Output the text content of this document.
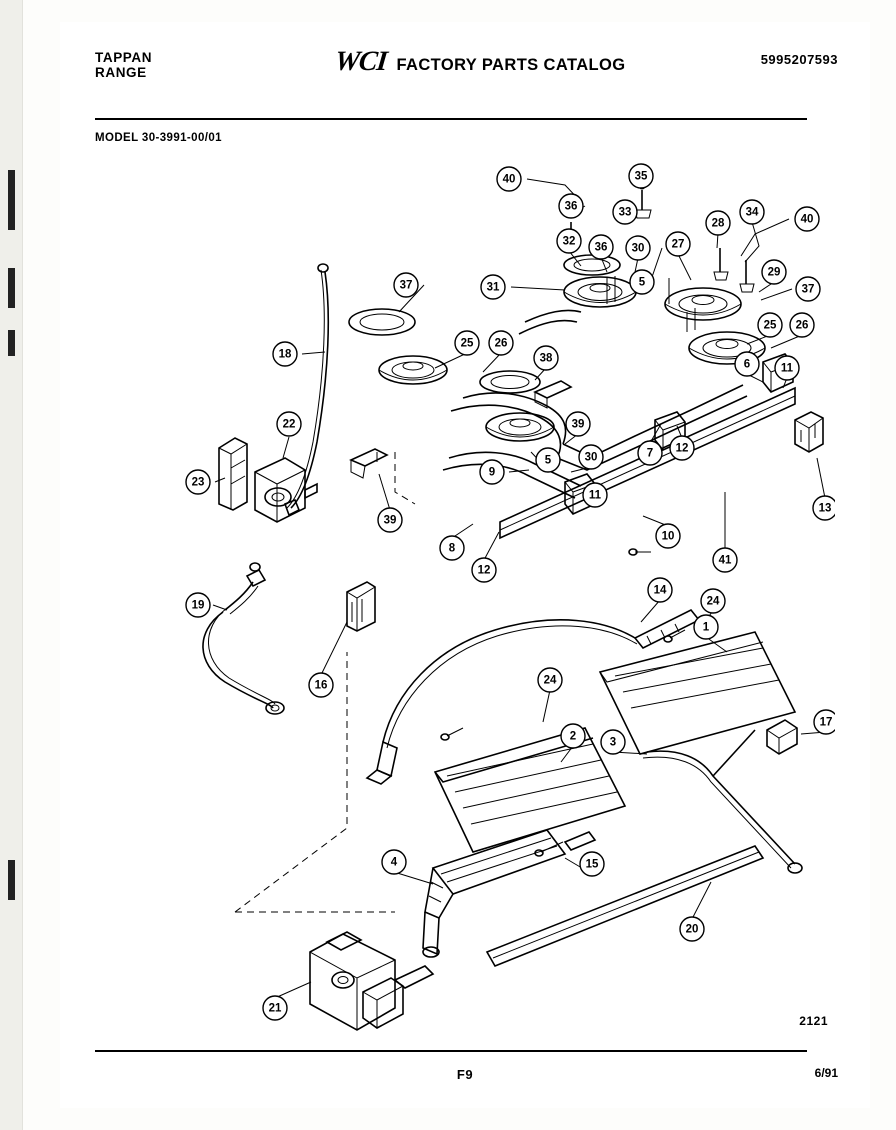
TAPPAN
RANGE	WCI FACTORY PARTS CATALOG	5995207593
MODEL 30-3991-00/01
1
2	3
4
5
5
6
7
8
9
10
11
11
12
12
13
14
15
16
17
18
19
20
21
22
23
24
24
25
25
26
26
27
28
29
30
30
31
32
33	34
35
36
36
37	37
38
39
39
40
40
41
2121
F9	6/91
